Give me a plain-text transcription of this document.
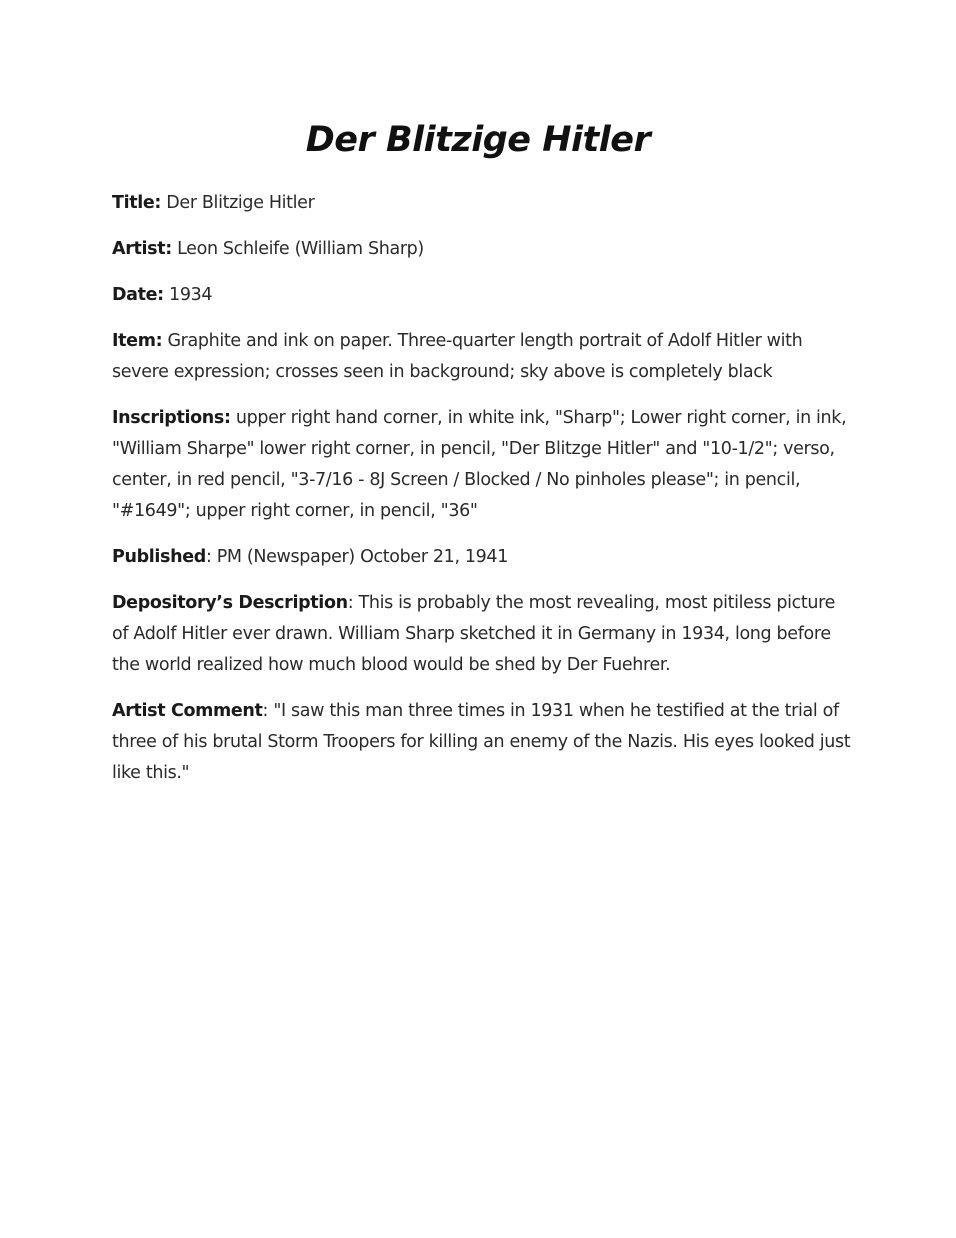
Der Blitzige Hitler

Title: Der Blitzige Hitler

Artist: Leon Schleife (William Sharp)

Date: 1934

Item: Graphite and ink on paper. Three-quarter length portrait of Adolf Hitler with severe expression; crosses seen in background; sky above is completely black

Inscriptions: upper right hand corner, in white ink, "Sharp"; Lower right corner, in ink, "William Sharpe" lower right corner, in pencil, "Der Blitzge Hitler" and "10-1/2"; verso, center, in red pencil, "3-7/16 - 8J Screen / Blocked / No pinholes please"; in pencil, "#1649"; upper right corner, in pencil, "36"

Published: PM (Newspaper) October 21, 1941

Depository’s Description: This is probably the most revealing, most pitiless picture of Adolf Hitler ever drawn. William Sharp sketched it in Germany in 1934, long before the world realized how much blood would be shed by Der Fuehrer.

Artist Comment: "I saw this man three times in 1931 when he testified at the trial of three of his brutal Storm Troopers for killing an enemy of the Nazis. His eyes looked just like this."
